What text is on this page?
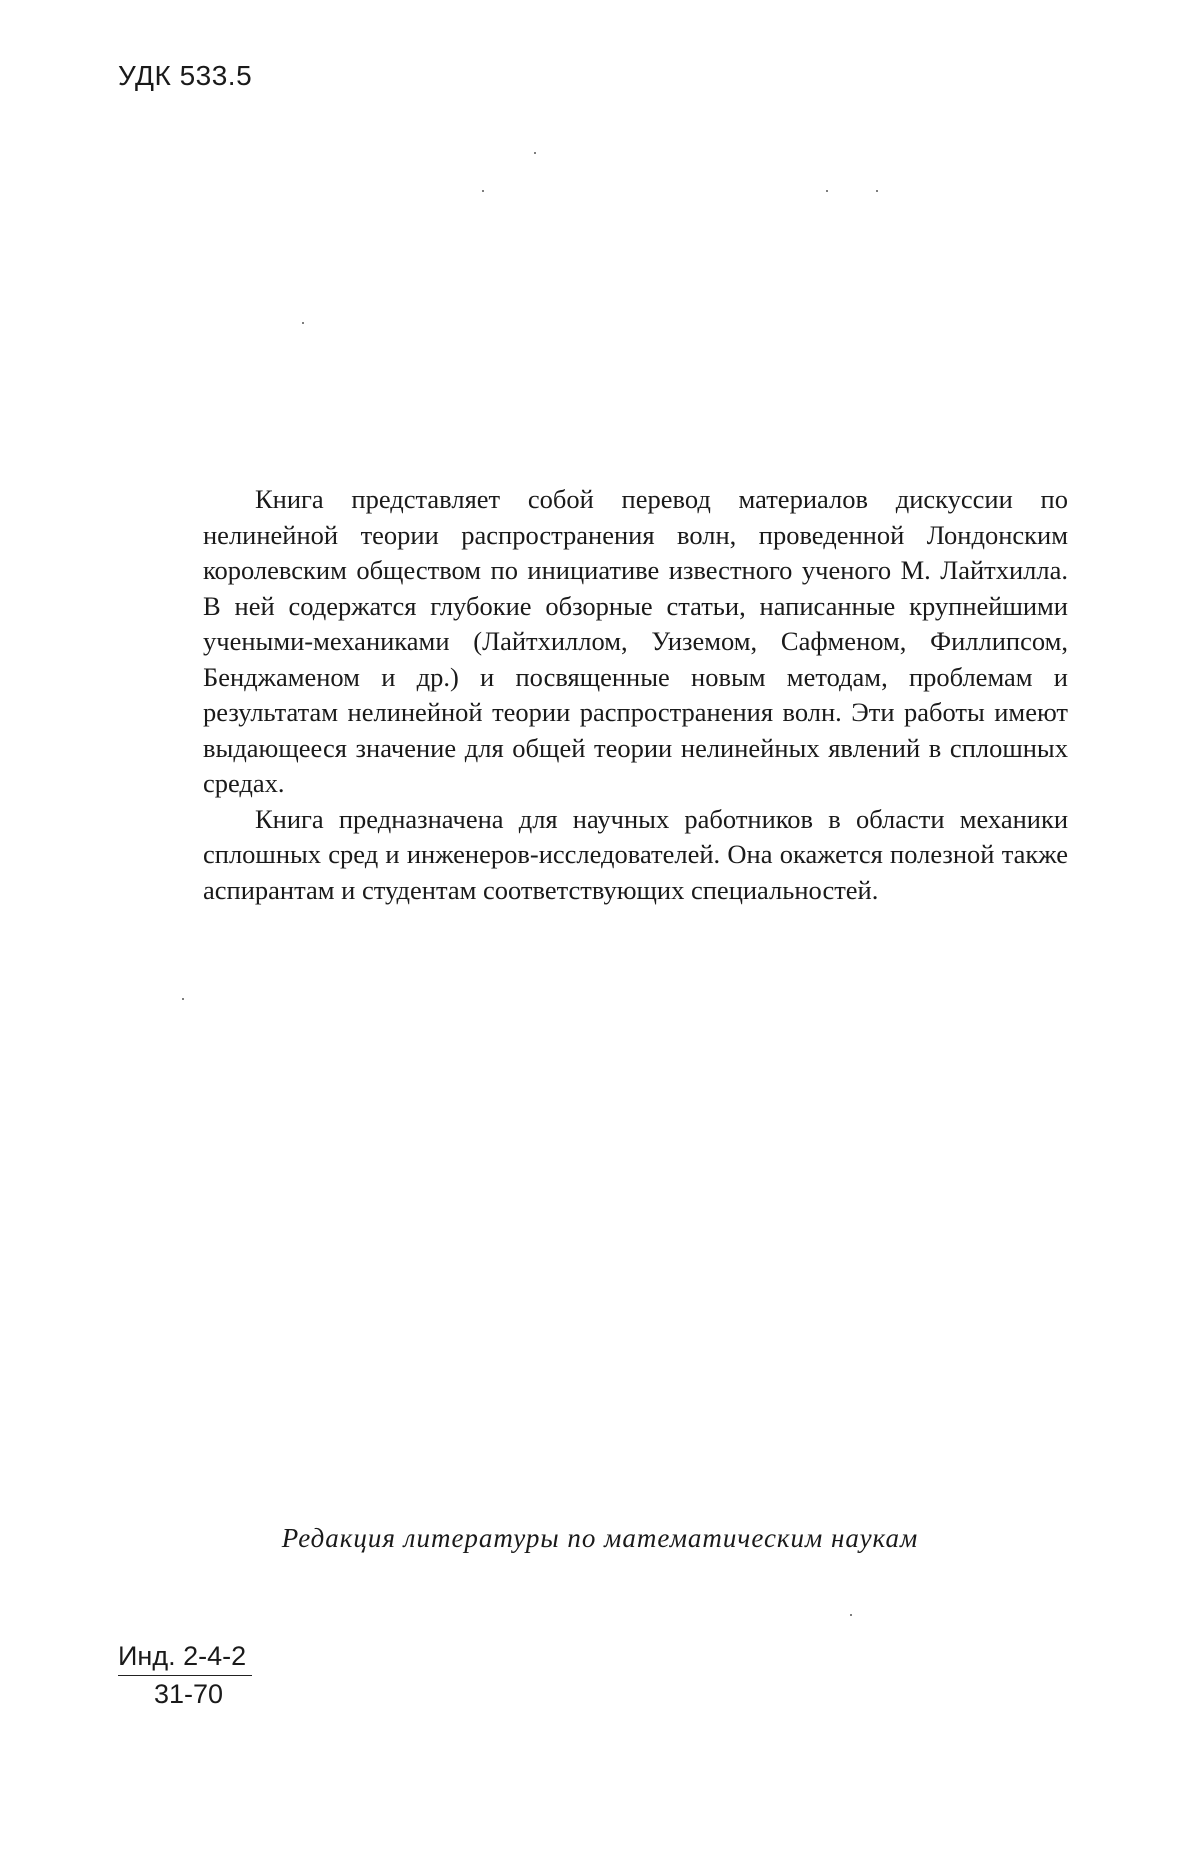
УДК 533.5

Книга представляет собой перевод материалов дискуссии по нелинейной теории распространения волн, проведенной Лондонским королевским обществом по инициативе известного ученого М. Лайтхилла. В ней содержатся глубокие обзорные статьи, написанные крупнейшими учеными-механиками (Лайтхиллом, Уиземом, Сафменом, Филлипсом, Бенджаменом и др.) и посвященные новым методам, проблемам и результатам нелинейной теории распространения волн. Эти работы имеют выдающееся значение для общей теории нелинейных явлений в сплошных средах.

Книга предназначена для научных работников в области механики сплошных сред и инженеров-исследователей. Она окажется полезной также аспирантам и студентам соответствующих специальностей.

Редакция литературы по математическим наукам
Инд. 2-4-2
31-70
